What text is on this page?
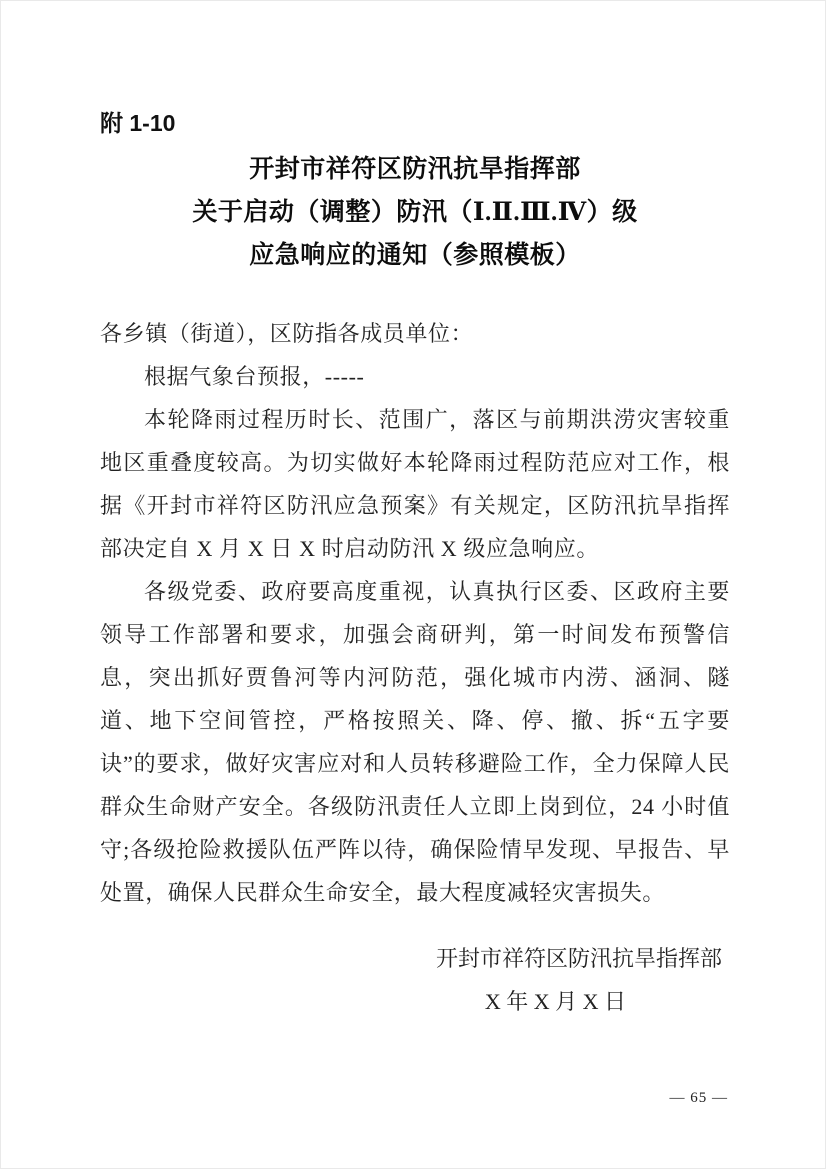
附 1-10
开封市祥符区防汛抗旱指挥部
关于启动（调整）防汛（Ⅰ.Ⅱ.Ⅲ.Ⅳ）级
应急响应的通知（参照模板）
各乡镇（街道），区防指各成员单位：
根据气象台预报，-----
本轮降雨过程历时长、范围广，落区与前期洪涝灾害较重地区重叠度较高。为切实做好本轮降雨过程防范应对工作，根据《开封市祥符区防汛应急预案》有关规定，区防汛抗旱指挥部决定自 X 月 X 日 X 时启动防汛 X 级应急响应。
各级党委、政府要高度重视，认真执行区委、区政府主要领导工作部署和要求，加强会商研判，第一时间发布预警信息，突出抓好贾鲁河等内河防范，强化城市内涝、涵洞、隧道、地下空间管控，严格按照关、降、停、撤、拆“五字要诀”的要求，做好灾害应对和人员转移避险工作，全力保障人民群众生命财产安全。各级防汛责任人立即上岗到位，24 小时值守;各级抢险救援队伍严阵以待，确保险情早发现、早报告、早处置，确保人民群众生命安全，最大程度减轻灾害损失。
开封市祥符区防汛抗旱指挥部
X 年 X 月 X 日
— 65 —
